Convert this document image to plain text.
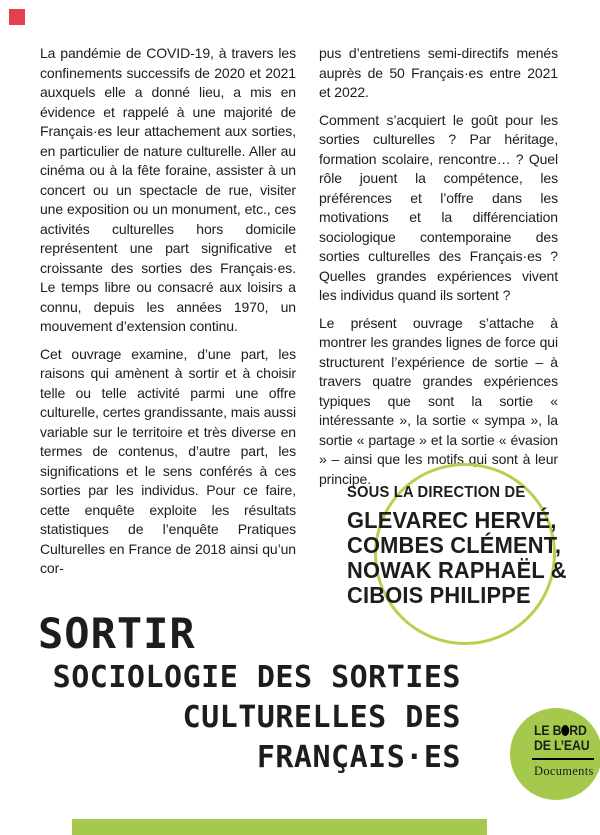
La pandémie de COVID-19, à travers les confinements successifs de 2020 et 2021 auxquels elle a donné lieu, a mis en évidence et rappelé à une majorité de Français·es leur attachement aux sorties, en particulier de nature culturelle. Aller au cinéma ou à la fête foraine, assister à un concert ou un spectacle de rue, visiter une exposition ou un monument, etc., ces activités culturelles hors domicile représentent une part significative et croissante des sorties des Français·es. Le temps libre ou consacré aux loisirs a connu, depuis les années 1970, un mouvement d’extension continu.

Cet ouvrage examine, d’une part, les raisons qui amènent à sortir et à choisir telle ou telle activité parmi une offre culturelle, certes grandissante, mais aussi variable sur le territoire et très diverse en termes de contenus, d’autre part, les significations et le sens conférés à ces sorties par les individus. Pour ce faire, cette enquête exploite les résultats statistiques de l’enquête Pratiques Culturelles en France de 2018 ainsi qu’un cor-

pus d’entretiens semi-directifs menés auprès de 50 Français·es entre 2021 et 2022.

Comment s’acquiert le goût pour les sorties culturelles ? Par héritage, formation scolaire, rencontre… ? Quel rôle jouent la compétence, les préférences et l’offre dans les motivations et la différenciation sociologique contemporaine des sorties culturelles des Français·es ? Quelles grandes expériences vivent les individus quand ils sortent ?

Le présent ouvrage s’attache à montrer les grandes lignes de force qui structurent l’expérience de sortie – à travers quatre grandes expériences typiques que sont la sortie « intéressante », la sortie « sympa », la sortie « partage » et la sortie « évasion » – ainsi que les motifs qui sont à leur principe.

SOUS LA DIRECTION DE
GLEVAREC HERVÉ,
COMBES CLÉMENT,
NOWAK RAPHAËL &
CIBOIS PHILIPPE
SORTIR
SOCIOLOGIE DES SORTIES
CULTURELLES DES
FRANÇAIS·ES
LE B RD
DE L’EAU
Documents
